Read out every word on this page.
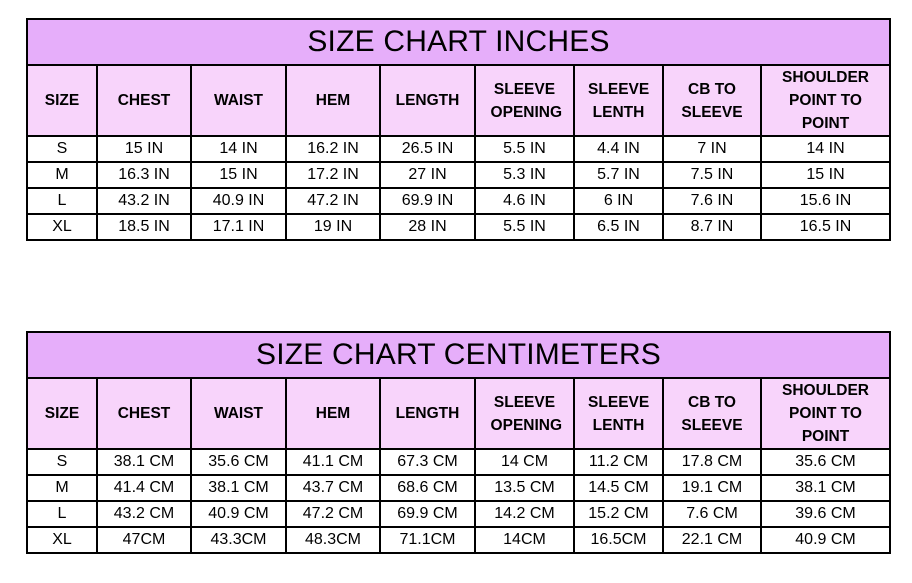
SIZE CHART INCHES								
SIZE	CHEST	WAIST	HEM	LENGTH	SLEEVE OPENING	SLEEVE LENTH	CB TO SLEEVE	SHOULDER POINT TO POINT
S	15 IN	14 IN	16.2 IN	26.5 IN	5.5 IN	4.4 IN	7 IN	14 IN
M	16.3 IN	15 IN	17.2 IN	27 IN	5.3 IN	5.7 IN	7.5 IN	15 IN
L	43.2 IN	40.9 IN	47.2 IN	69.9 IN	4.6 IN	6 IN	7.6 IN	15.6 IN
XL	18.5 IN	17.1 IN	19 IN	28 IN	5.5 IN	6.5 IN	8.7 IN	16.5 IN
SIZE CHART CENTIMETERS								
SIZE	CHEST	WAIST	HEM	LENGTH	SLEEVE OPENING	SLEEVE LENTH	CB TO SLEEVE	SHOULDER POINT TO POINT
S	38.1 CM	35.6 CM	41.1 CM	67.3 CM	14 CM	11.2 CM	17.8 CM	35.6 CM
M	41.4 CM	38.1 CM	43.7 CM	68.6 CM	13.5 CM	14.5 CM	19.1 CM	38.1 CM
L	43.2 CM	40.9 CM	47.2 CM	69.9 CM	14.2 CM	15.2 CM	7.6 CM	39.6 CM
XL	47CM	43.3CM	48.3CM	71.1CM	14CM	16.5CM	22.1 CM	40.9 CM
